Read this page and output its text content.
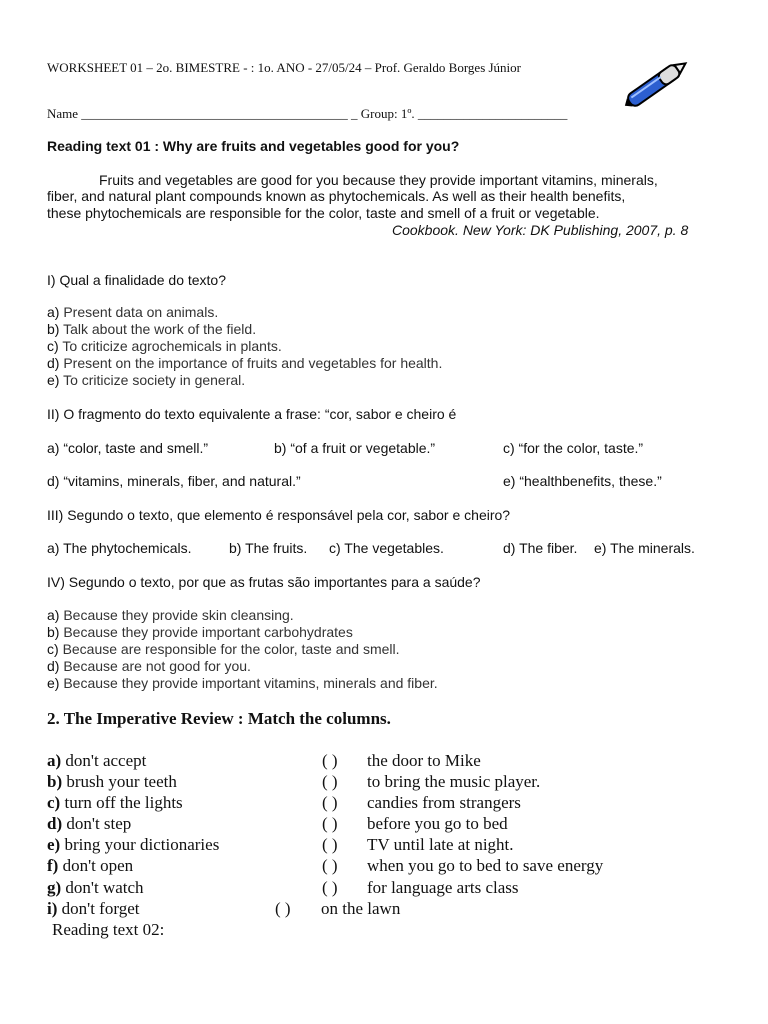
WORKSHEET 01 – 2o. BIMESTRE - : 1o. ANO - 27/05/24 – Prof. Geraldo Borges Júnior
Name _________________________________________ _ Group: 1º. _______________________
Reading text 01 : Why are fruits and vegetables good for you?
Fruits and vegetables are good for you because they provide important vitamins, minerals,
fiber, and natural plant compounds known as phytochemicals. As well as their health benefits,
these phytochemicals are responsible for the color, taste and smell of a fruit or vegetable.
Cookbook. New York: DK Publishing, 2007, p. 8
I) Qual a finalidade do texto?
a) Present data on animals.
b) Talk about the work of the field.
c) To criticize agrochemicals in plants.
d) Present on the importance of fruits and vegetables for health.
e) To criticize society in general.
II) O fragmento do texto equivalente a frase: “cor, sabor e cheiro é
a) “color, taste and smell.”	b) “of a fruit or vegetable.”	c) “for the color, taste.”
d) “vitamins, minerals, fiber, and natural.”	e) “healthbenefits, these.”
III) Segundo o texto, que elemento é responsável pela cor, sabor e cheiro?
a) The phytochemicals.	b) The fruits. c) The vegetables.	d) The fiber. e) The minerals.
IV) Segundo o texto, por que as frutas são importantes para a saúde?
a) Because they provide skin cleansing.
b) Because they provide important carbohydrates
c) Because are responsible for the color, taste and smell.
d) Because are not good for you.
e) Because they provide important vitamins, minerals and fiber.
2. The Imperative Review : Match the columns.
a) don't accept	( ) the door to Mike
b) brush your teeth	( ) to bring the music player.
c) turn off the lights	( ) candies from strangers
d) don't step	( ) before you go to bed
e) bring your dictionaries	( ) TV until late at night.
f) don't open	( ) when you go to bed to save energy
g) don't watch	( ) for language arts class
i) don't forget	( ) on the lawn
Reading text 02:
